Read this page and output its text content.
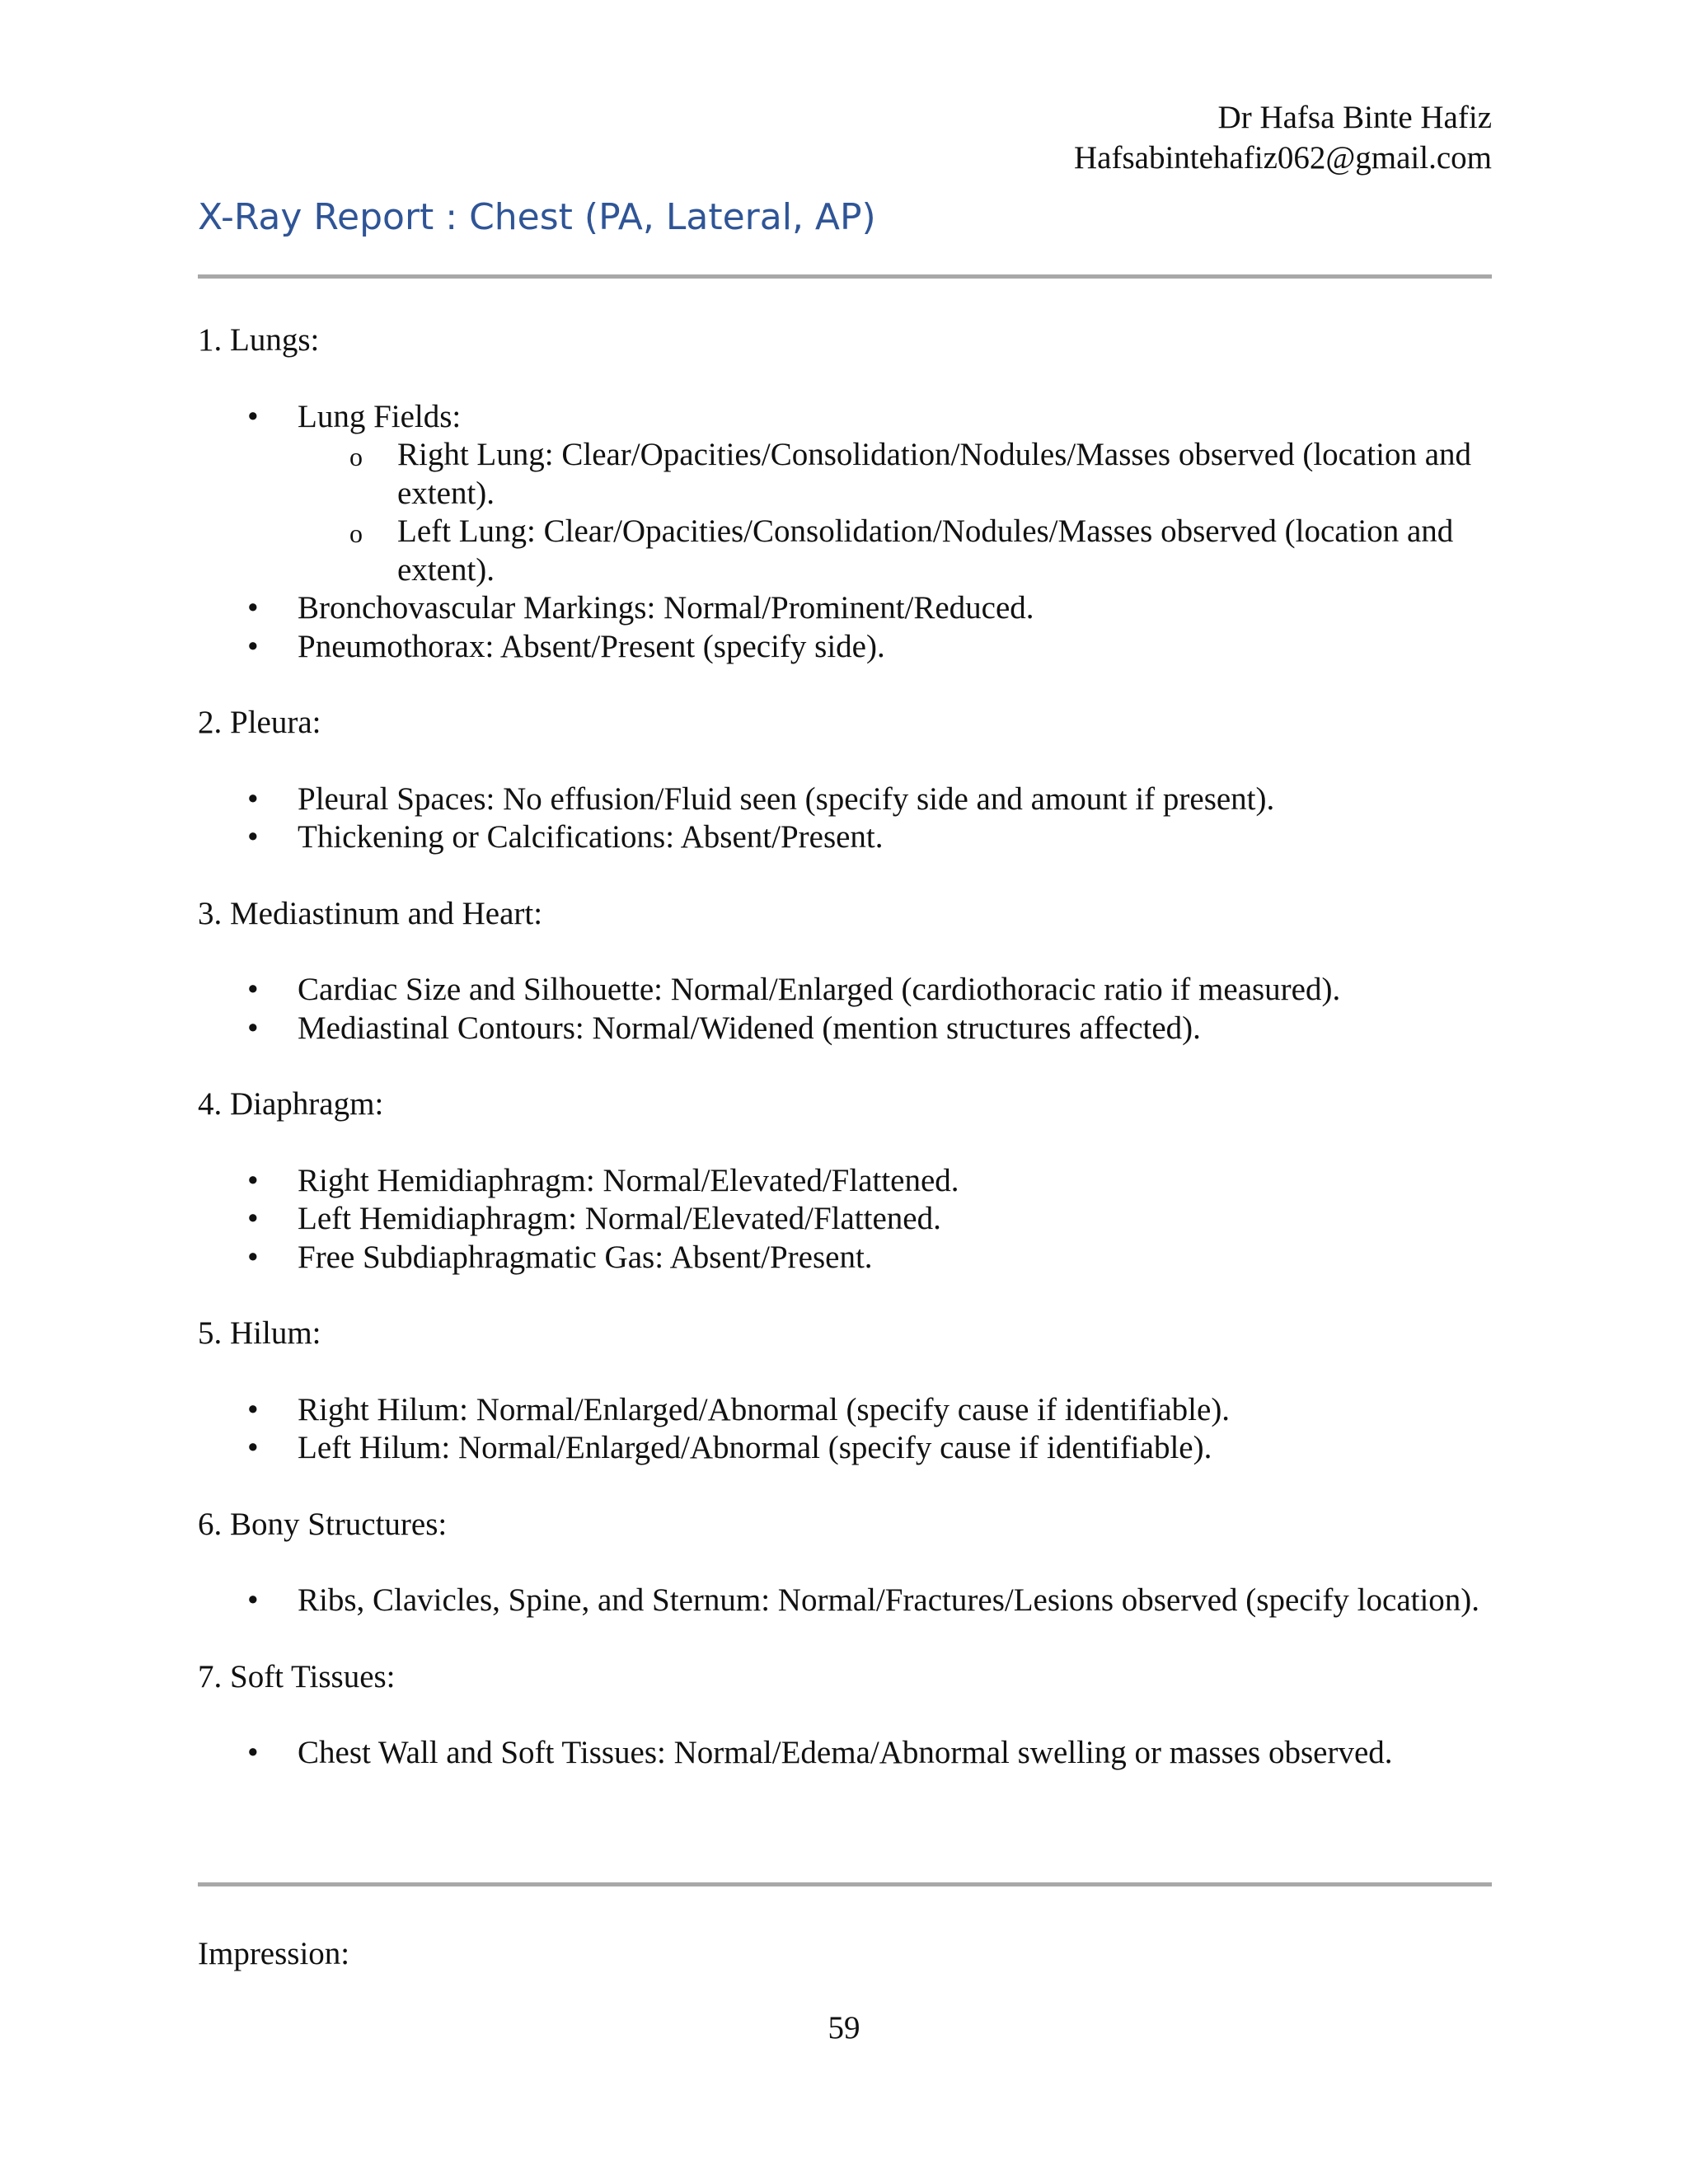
Dr Hafsa Binte Hafiz
Hafsabintehafiz062@gmail.com
X-Ray Report : Chest (PA, Lateral, AP)
1. Lungs:
• Lung Fields:
o Right Lung: Clear/Opacities/Consolidation/Nodules/Masses observed (location and extent).
o Left Lung: Clear/Opacities/Consolidation/Nodules/Masses observed (location and extent).
• Bronchovascular Markings: Normal/Prominent/Reduced.
• Pneumothorax: Absent/Present (specify side).
2. Pleura:
• Pleural Spaces: No effusion/Fluid seen (specify side and amount if present).
• Thickening or Calcifications: Absent/Present.
3. Mediastinum and Heart:
• Cardiac Size and Silhouette: Normal/Enlarged (cardiothoracic ratio if measured).
• Mediastinal Contours: Normal/Widened (mention structures affected).
4. Diaphragm:
• Right Hemidiaphragm: Normal/Elevated/Flattened.
• Left Hemidiaphragm: Normal/Elevated/Flattened.
• Free Subdiaphragmatic Gas: Absent/Present.
5. Hilum:
• Right Hilum: Normal/Enlarged/Abnormal (specify cause if identifiable).
• Left Hilum: Normal/Enlarged/Abnormal (specify cause if identifiable).
6. Bony Structures:
• Ribs, Clavicles, Spine, and Sternum: Normal/Fractures/Lesions observed (specify location).
7. Soft Tissues:
• Chest Wall and Soft Tissues: Normal/Edema/Abnormal swelling or masses observed.
Impression:
59
